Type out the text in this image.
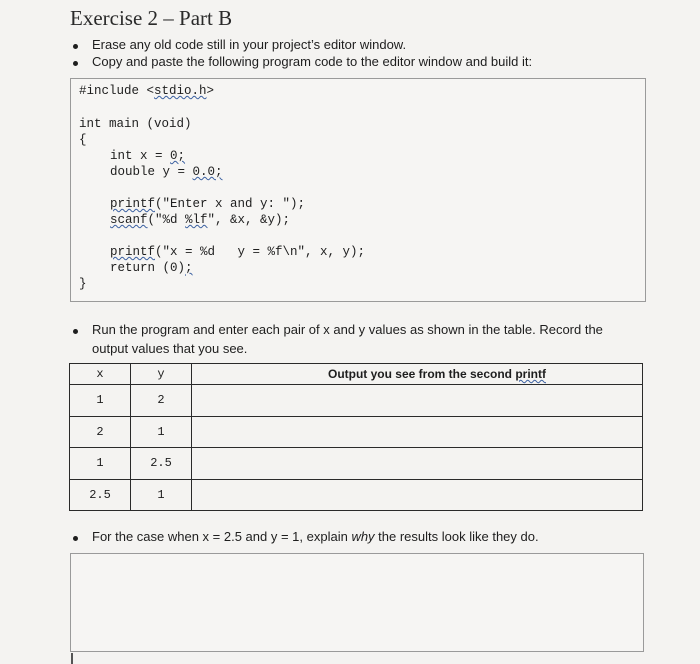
Exercise 2 – Part B
Erase any old code still in your project’s editor window.
Copy and paste the following program code to the editor window and build it:
#include <stdio.h>
int main (void)
{
int x = 0;
double y = 0.0;
printf("Enter x and y: ");
scanf("%d %lf", &x, &y);
printf("x = %d   y = %f\n", x, y);
return (0);
}
Run the program and enter each pair of x and y values as shown in the table. Record the
output values that you see.
x	y	Output you see from the second printf
1	2	
2	1	
1	2.5	
2.5	1	
For the case when x = 2.5 and y = 1, explain why the results look like they do.
